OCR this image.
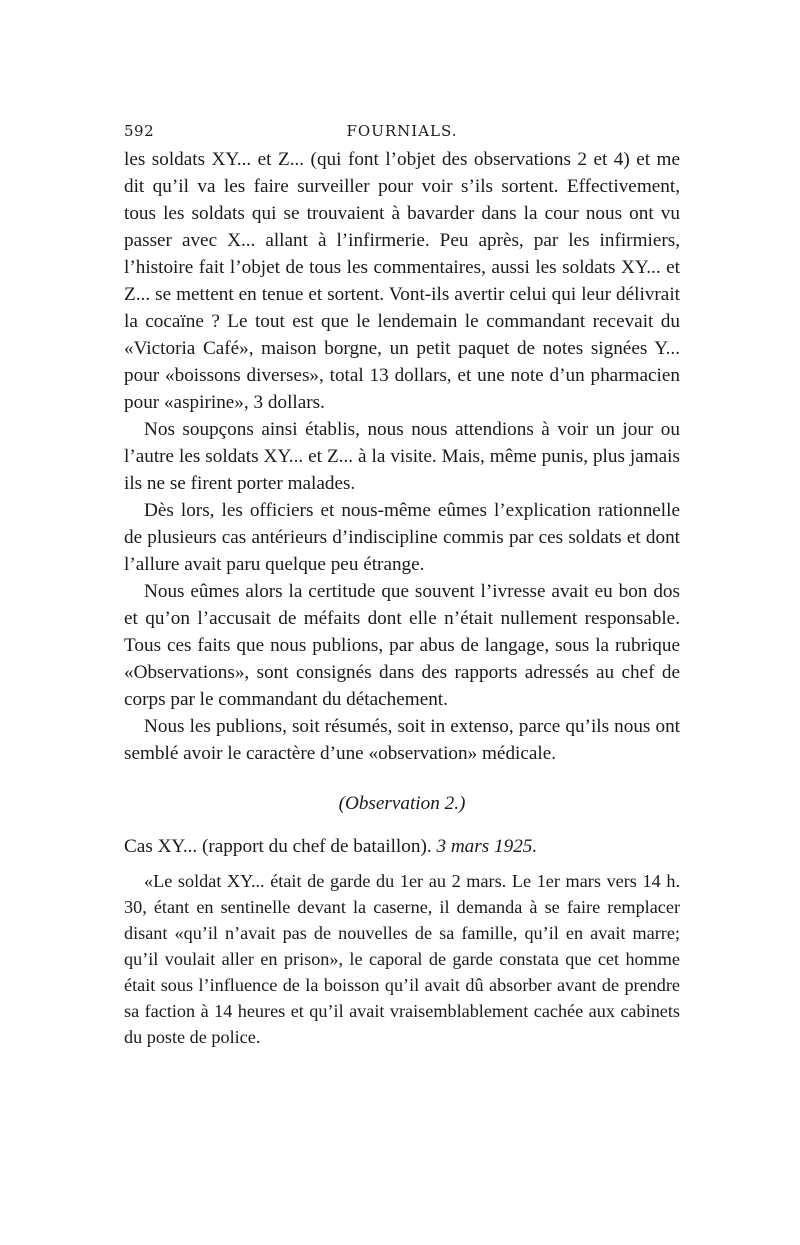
592	FOURNIALS.

les soldats XY... et Z... (qui font l’objet des observations 2 et 4) et me dit qu’il va les faire surveiller pour voir s’ils sortent. Effectivement, tous les soldats qui se trouvaient à bavarder dans la cour nous ont vu passer avec X... allant à l’infirmerie. Peu après, par les infirmiers, l’histoire fait l’objet de tous les commentaires, aussi les soldats XY... et Z... se mettent en tenue et sortent. Vont-ils avertir celui qui leur délivrait la cocaïne ? Le tout est que le lendemain le commandant recevait du «Victoria Café», maison borgne, un petit paquet de notes signées Y... pour «boissons diverses», total 13 dollars, et une note d’un pharmacien pour «aspirine», 3 dollars.

Nos soupçons ainsi établis, nous nous attendions à voir un jour ou l’autre les soldats XY... et Z... à la visite. Mais, même punis, plus jamais ils ne se firent porter malades.

Dès lors, les officiers et nous-même eûmes l’explication rationnelle de plusieurs cas antérieurs d’indiscipline commis par ces soldats et dont l’allure avait paru quelque peu étrange.

Nous eûmes alors la certitude que souvent l’ivresse avait eu bon dos et qu’on l’accusait de méfaits dont elle n’était nullement responsable. Tous ces faits que nous publions, par abus de langage, sous la rubrique «Observations», sont consignés dans des rapports adressés au chef de corps par le commandant du détachement.

Nous les publions, soit résumés, soit in extenso, parce qu’ils nous ont semblé avoir le caractère d’une «observation» médicale.

(Observation 2.)
Cas XY... (rapport du chef de bataillon). 3 mars 1925.

«Le soldat XY... était de garde du 1er au 2 mars. Le 1er mars vers 14 h. 30, étant en sentinelle devant la caserne, il demanda à se faire remplacer disant «qu’il n’avait pas de nouvelles de sa famille, qu’il en avait marre; qu’il voulait aller en prison», le caporal de garde constata que cet homme était sous l’influence de la boisson qu’il avait dû absorber avant de prendre sa faction à 14 heures et qu’il avait vraisemblablement cachée aux cabinets du poste de police.
